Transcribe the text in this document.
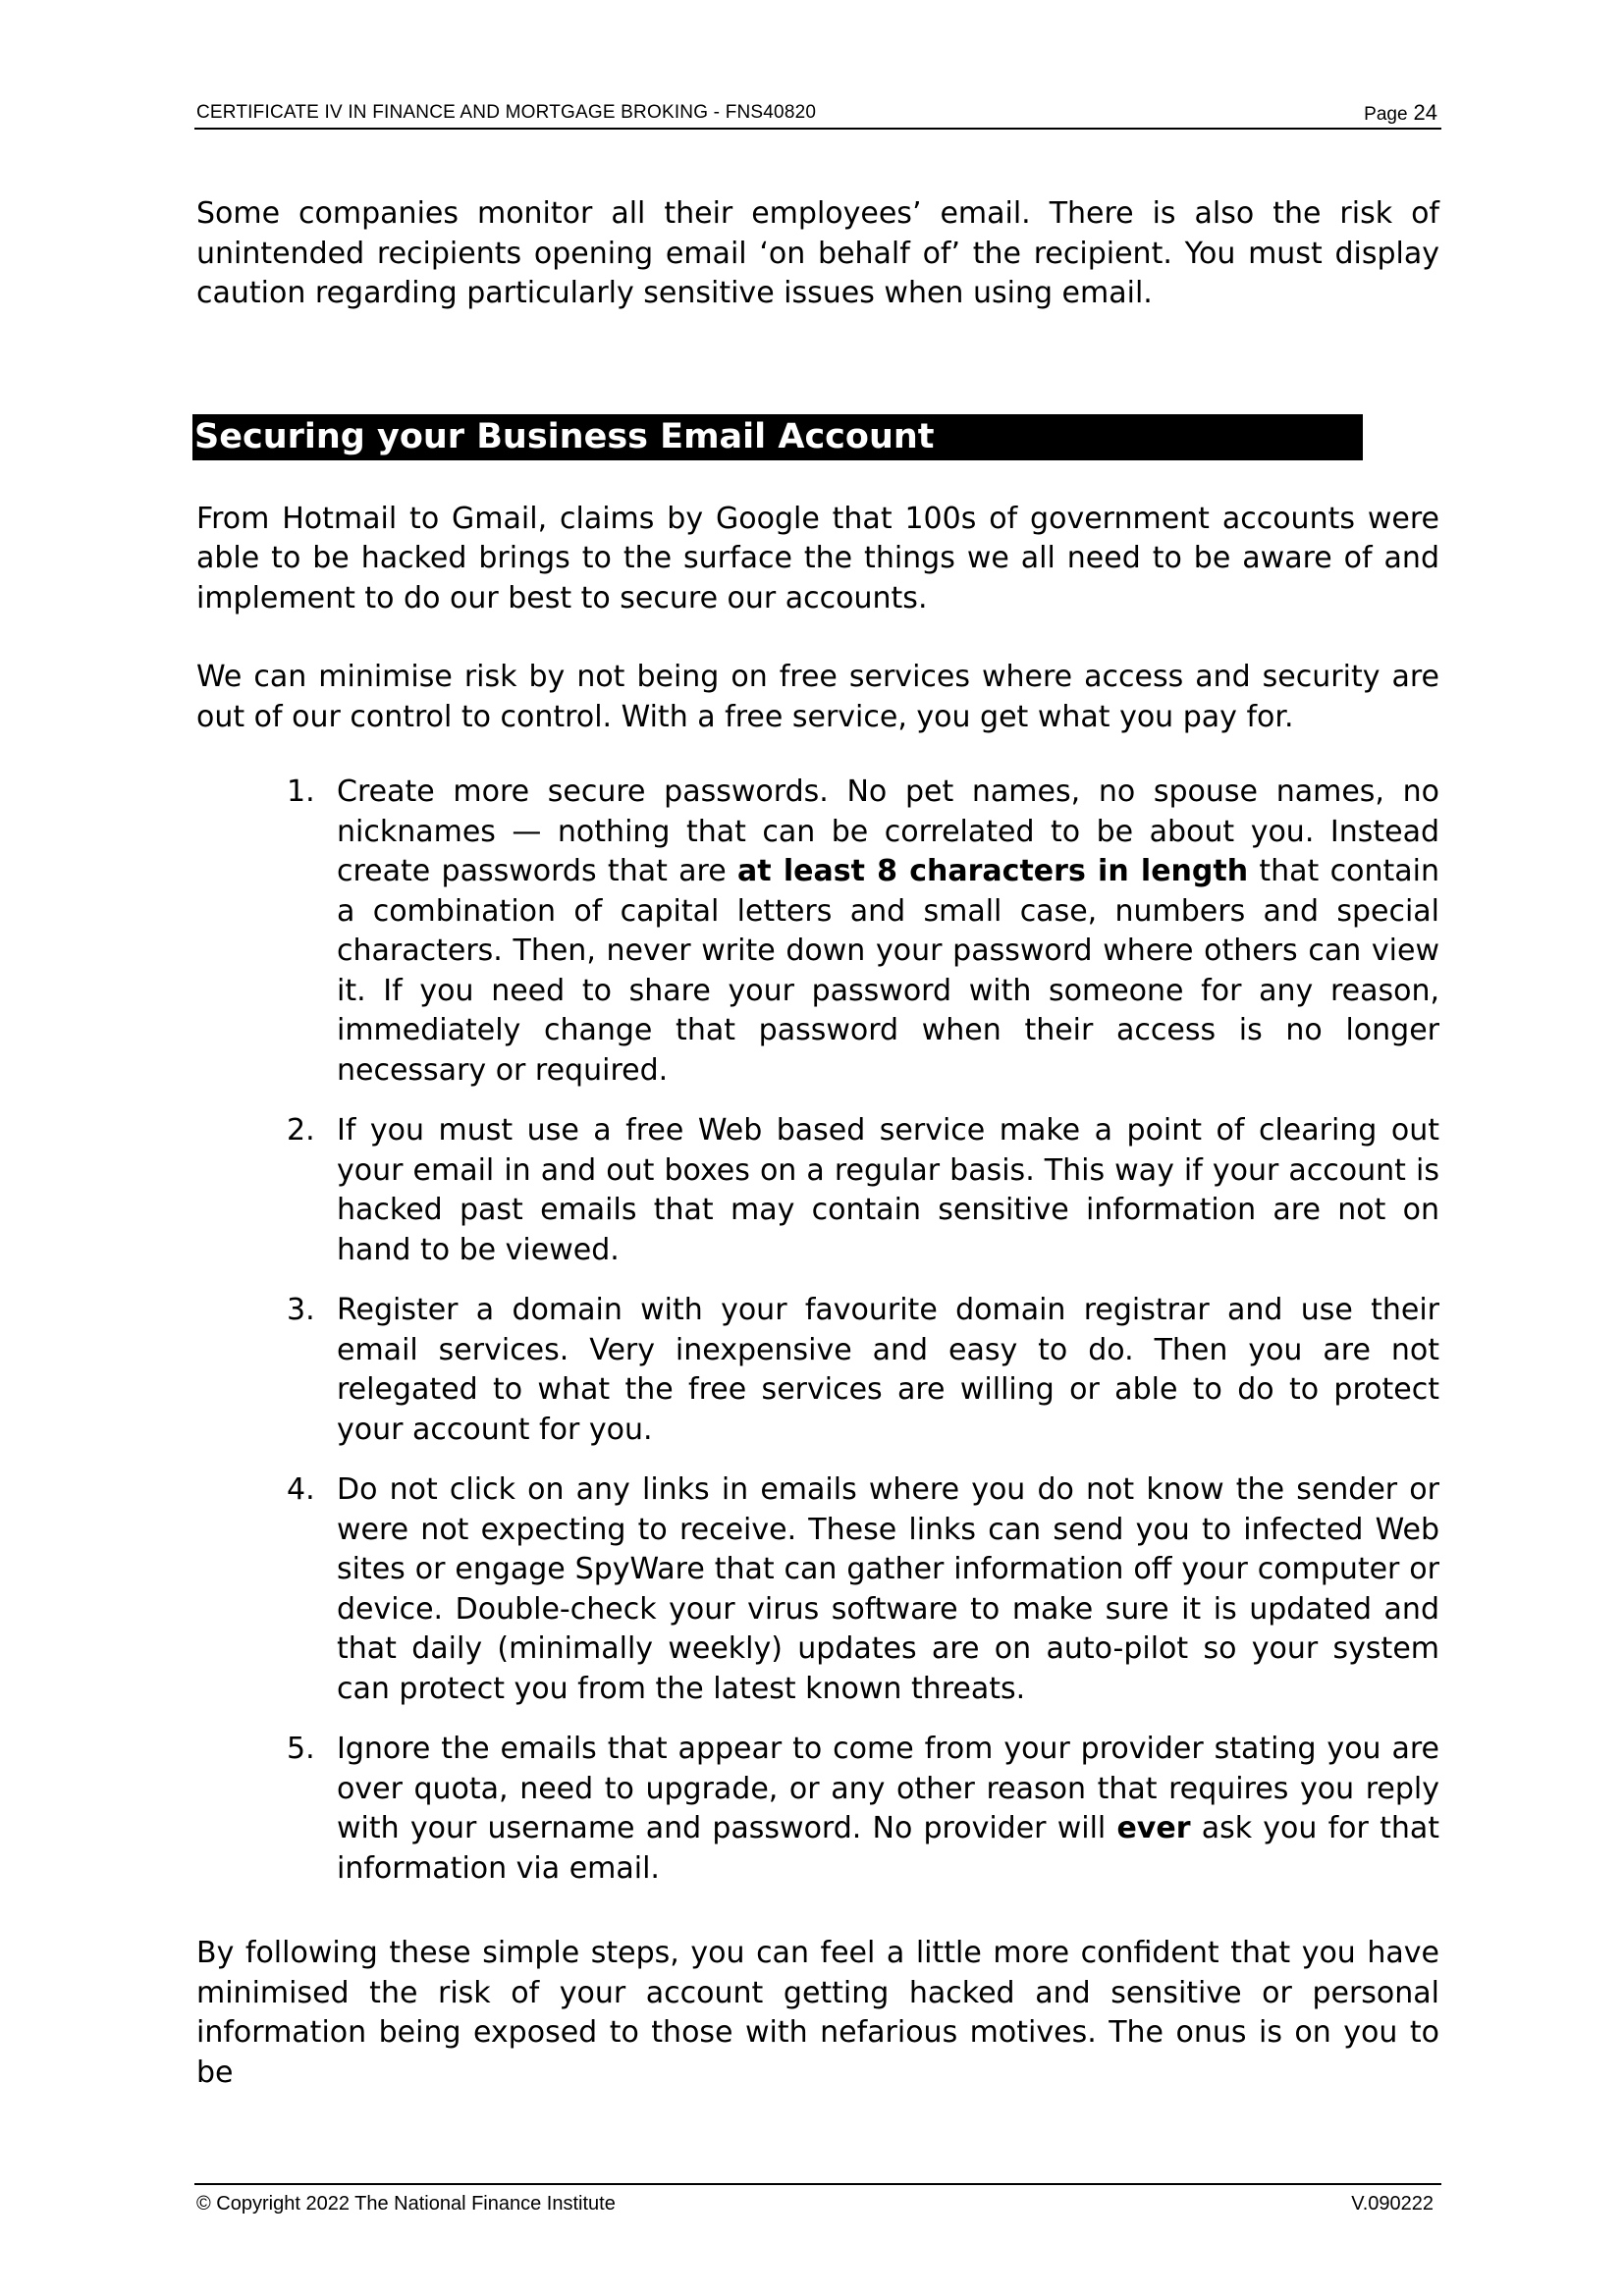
CERTIFICATE IV IN FINANCE AND MORTGAGE BROKING - FNS40820	Page 24

Some companies monitor all their employees’ email. There is also the risk of unintended recipients opening email ‘on behalf of’ the recipient. You must display caution regarding particularly sensitive issues when using email.

Securing your Business Email Account

From Hotmail to Gmail, claims by Google that 100s of government accounts were able to be hacked brings to the surface the things we all need to be aware of and implement to do our best to secure our accounts.

We can minimise risk by not being on free services where access and security are out of our control to control. With a free service, you get what you pay for.

1. Create more secure passwords. No pet names, no spouse names, no nicknames — nothing that can be correlated to be about you. Instead create passwords that are at least 8 characters in length that contain a combination of capital letters and small case, numbers and special characters. Then, never write down your password where others can view it. If you need to share your password with someone for any reason, immediately change that password when their access is no longer necessary or required.
2. If you must use a free Web based service make a point of clearing out your email in and out boxes on a regular basis. This way if your account is hacked past emails that may contain sensitive information are not on hand to be viewed.
3. Register a domain with your favourite domain registrar and use their email services. Very inexpensive and easy to do. Then you are not relegated to what the free services are willing or able to do to protect your account for you.
4. Do not click on any links in emails where you do not know the sender or were not expecting to receive. These links can send you to infected Web sites or engage SpyWare that can gather information off your computer or device. Double-check your virus software to make sure it is updated and that daily (minimally weekly) updates are on auto-pilot so your system can protect you from the latest known threats.
5. Ignore the emails that appear to come from your provider stating you are over quota, need to upgrade, or any other reason that requires you reply with your username and password. No provider will ever ask you for that information via email.

By following these simple steps, you can feel a little more confident that you have minimised the risk of your account getting hacked and sensitive or personal information being exposed to those with nefarious motives. The onus is on you to be

© Copyright 2022 The National Finance Institute	V.090222
